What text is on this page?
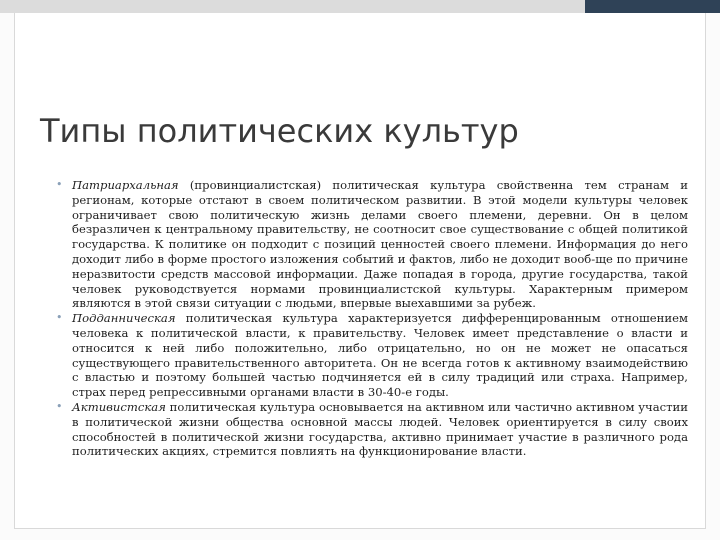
Типы политических культур
• Патриархальная (провинциалистская) политическая культура свойственна тем странам и регионам, которые отстают в своем политическом развитии. В этой модели культуры человек ограничивает свою политическую жизнь делами своего племени, деревни. Он в целом безразличен к центральному правительству, не соотносит свое существование с общей политикой государства. К политике он подходит с позиций ценностей своего племени. Информация до него доходит либо в форме простого изложения событий и фактов, либо не доходит вооб-ще по причине неразвитости средств массовой информации. Даже попадая в города, другие государства, такой человек руководствуется нормами провинциалистской культуры. Характерным примером являются в этой связи ситуации с людьми, впервые выехавшими за рубеж.
• Подданническая политическая культура характеризуется дифференцированным отношением человека к политической власти, к правительству. Человек имеет представление о власти и относится к ней либо положительно, либо отрицательно, но он не может не опасаться существующего правительственного авторитета. Он не всегда готов к активному взаимодействию с властью и поэтому большей частью подчиняется ей в силу традиций или страха. Например, страх перед репрессивными органами власти в 30-40-е годы.
• Активистская политическая культура основывается на активном или частично активном участии в политической жизни общества основной массы людей. Человек ориентируется в силу своих способностей в политической жизни государства, активно принимает участие в различного рода политических акциях, стремится повлиять на функционирование власти.
